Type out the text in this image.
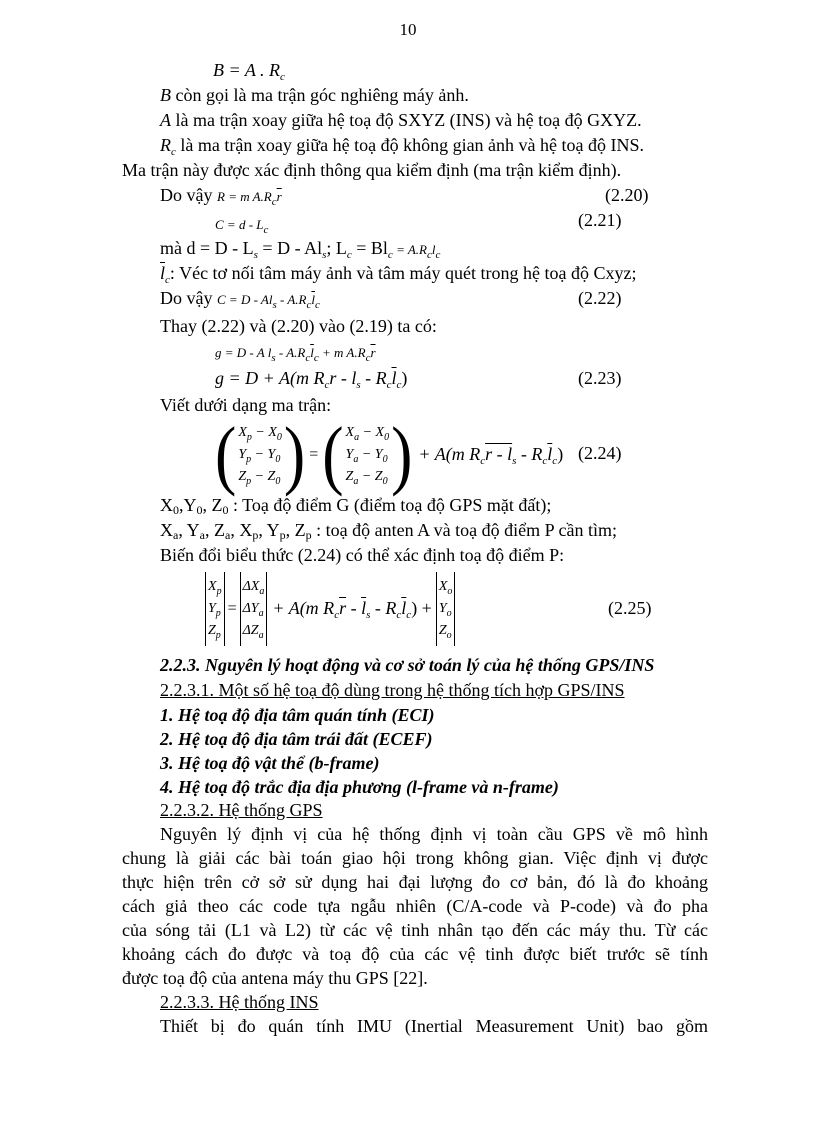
10
B = A . $R_c$
B còn gọi là ma trận góc nghiêng máy ảnh.
A là ma trận xoay giữa hệ toạ độ SXYZ (INS) và hệ toạ độ GXYZ.
$R_c$ là ma trận xoay giữa hệ toạ độ không gian ảnh và hệ toạ độ INS.
Ma trận này được xác định thông qua kiểm định (ma trận kiểm định).
Do vậy R = m $A.R_c\overline{r}$	(2.20)
$C = d - L_c$	(2.21)
mà $d = D - L_s = D - Al_s$; $L_c = Bl_c = A.R_cl_c$
$\overline{l}_c$: Véc tơ nối tâm máy ảnh và tâm máy quét trong hệ toạ độ Cxyz;
Do vậy $C = D - Al_s - A.R_c\overline{l}_c$	(2.22)
Thay (2.22) và (2.20) vào (2.19) ta có:
g = D - A $l_s - A.R_c\overline{l}_c + m$ $A.R_c\overline{r}$
g = D + A(m $R_cr - l_s - R_c\overline{l}_c$)	(2.23)
Viết dưới dạng ma trận:
( $X_p - X_0$
$Y_p - Y_0$
$Z_p - Z_0$ ) = ( $X_a - X_0$
$Y_a - Y_0$
$Z_a - Z_0$ ) + A(m $R_cr - l_s - R_c\overline{l}_c$) (2.24)
X0,Y0, Z0 : Toạ độ điểm G (điểm toạ độ GPS mặt đất);
Xa, Ya, Za, Xp, Yp, Zp : toạ độ anten A và toạ độ điểm P cần tìm;
Biến đổi biểu thức (2.24) có thể xác định toạ độ điểm P:
$X_p$
$Y_p$
$Z_p$
=
$\Delta X_a$
$\Delta Y_a$
$\Delta Z_a$
+ A(m $R_c\overline{r} - \overline{l}_s - R_c\overline{l}_c$) +
$X_o$
$Y_o$
$Z_o$
(2.25)
2.2.3. Nguyên lý hoạt động và cơ sở toán lý của hệ thống GPS/INS
2.2.3.1. Một số hệ toạ độ dùng trong hệ thống tích hợp GPS/INS
1. Hệ toạ độ địa tâm quán tính (ECI)
2. Hệ toạ độ địa tâm trái đất (ECEF)
3. Hệ toạ độ vật thể (b-frame)
4. Hệ toạ độ trắc địa địa phương (l-frame và n-frame)
2.2.3.2. Hệ thống GPS
Nguyên lý định vị của hệ thống định vị toàn cầu GPS về mô hình
chung là giải các bài toán giao hội trong không gian. Việc định vị được
thực hiện trên cở sở sử dụng hai đại lượng đo cơ bản, đó là đo khoảng
cách giả theo các code tựa ngẫu nhiên (C/A-code và P-code) và đo pha
của sóng tải (L1 và L2) từ các vệ tinh nhân tạo đến các máy thu. Từ các
khoảng cách đo được và toạ độ của các vệ tinh được biết trước sẽ tính
được toạ độ của antena máy thu GPS [22].
2.2.3.3. Hệ thống INS
Thiết bị đo quán tính IMU (Inertial Measurement Unit) bao gồm
